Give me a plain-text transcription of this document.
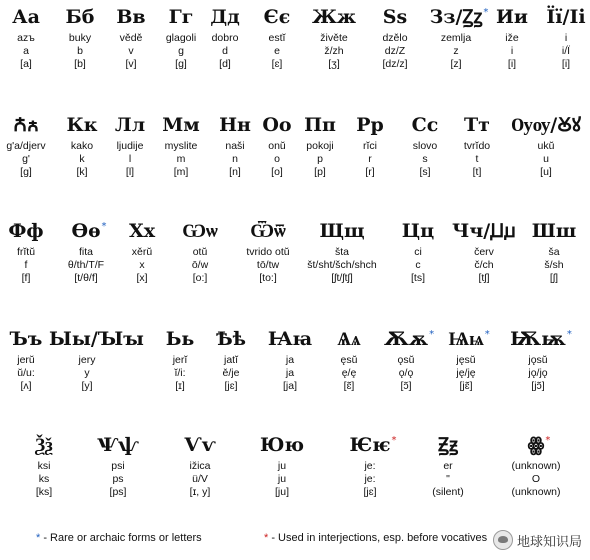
Аа
azъ
a
[a]
Бб
buky
b
[b]
Вв
vědě
v
[v]
Гг
glagoli
g
[g]
Дд
dobro
d
[d]
Єє
estĭ
e
[ɛ]
Жж
živěte
ž/zh
[ʒ]
Ѕѕ
dzělo
dz/Z
[dz/z]
Зз/Ꙁꙁ *
zemlja
z
[z]
Ии
iže
i
[i]
Її/Іі
i
i/Ï
[i]
Ꙉꙉ
g'a/djerv
g'
[g]
Кк
kako
k
[k]
Лл
ljudije
l
[l]
Мм
myslite
m
[m]
Нн
naši
n
[n]
Оо
onŭ
o
[o]
Пп
pokoji
p
[p]
Рр
rĭci
r
[r]
Сс
slovo
s
[s]
Тт
tvrĭdo
t
[t]
Ѹѹ/Ꙋꙋ
ukŭ
u
[u]
Фф
frĭtŭ
f
[f]
Ѳѳ *
fita
θ/th/T/F
[t/θ/f]
Хх
xěrŭ
x
[x]
Ѡѡ
otŭ
ō/w
[o:]
Ѿѿ
tvrido otŭ
tō/tw
[to:]
Щщ
šta
št/sht/šch/shch
[ʃt/ʃtʃ]
Цц
ci
c
[ts]
Чч/Ꙡꙡ
červ
č/ch
[tʃ]
Шш
ša
š/sh
[ʃ]
Ъъ
jerŭ
ŭ/u:
[ʌ]
Ыы/Ꙑꙑ
jery
y
[y]
Ьь
jerĭ
ĭ/i:
[ɪ]
Ѣѣ
jatĭ
ě/je
[jɛ]
Ꙗꙗ
ja
ja
[ja]
Ѧѧ
ęsŭ
ę/ȩ
[ɛ̃]
Ѫѫ *
ǫsŭ
ǫ/ǫ
[ɔ̃]
Ѩѩ *
jęsŭ
ję/jȩ
[jɛ̃]
Ѭѭ *
jǫsŭ
jǫ/jǫ
[jɔ̃]
Ѯѯ
ksi
ks
[ks]
Ѱѱ
psi
ps
[ps]
Ѵѵ
ižica
ü/V
[ɪ, y]
Юю
ju
ju
[ju]
Ѥѥ *
je:
je:
[jɛ]
Ꙃꙃ
er
"
(silent)
ꙮ *
(unknown)
O
(unknown)
* - Rare or archaic forms or letters	* - Used in interjections, esp. before vocatives 地球知识局
